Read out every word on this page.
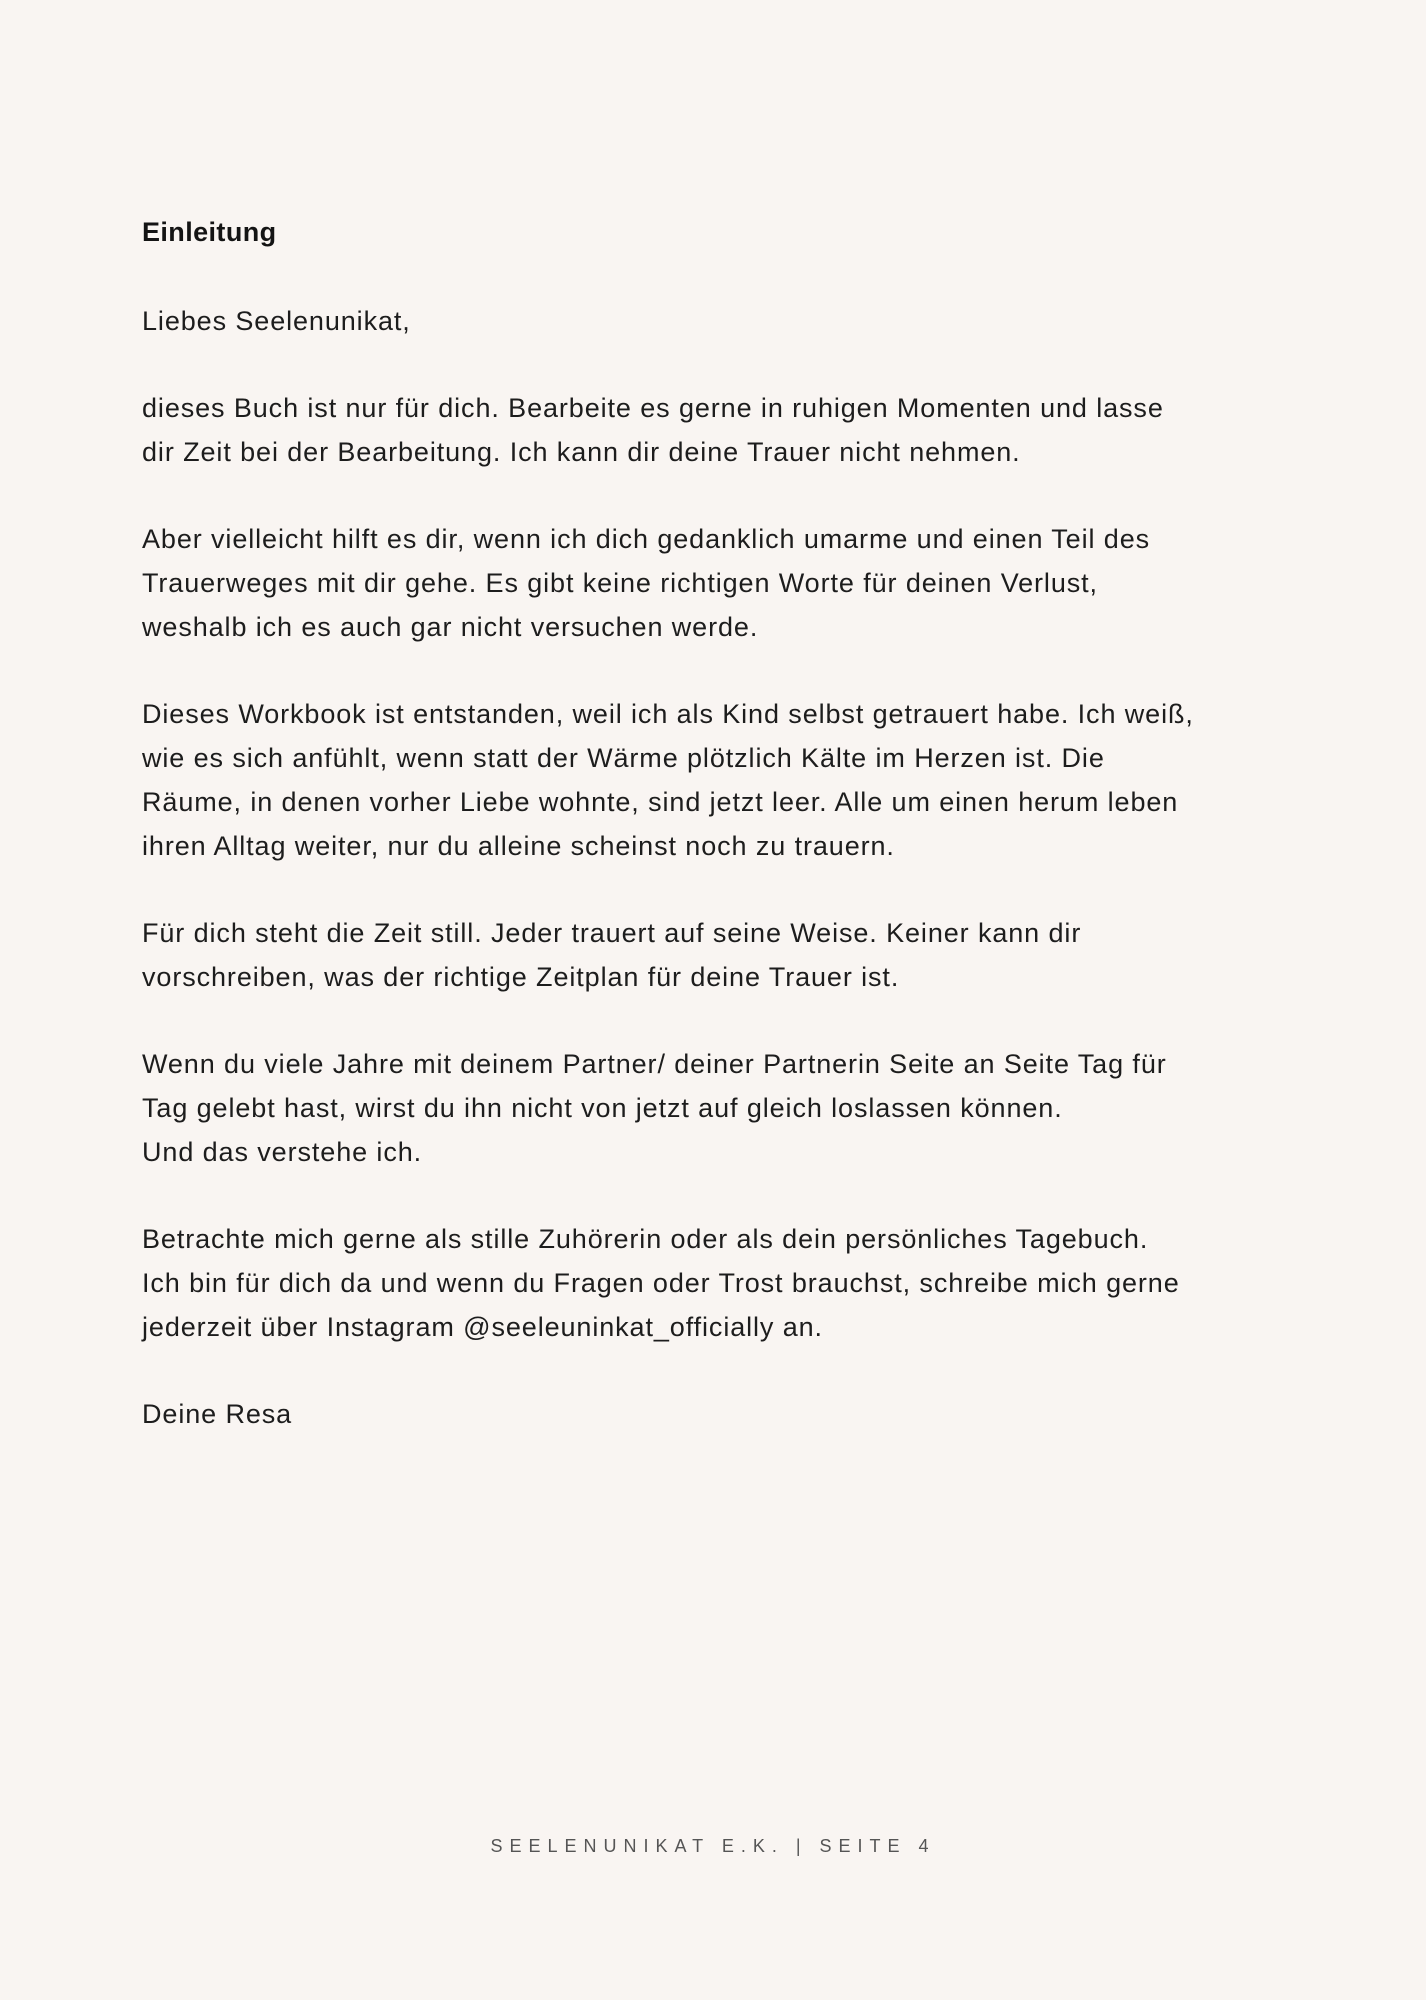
Einleitung

Liebes Seelenunikat,

dieses Buch ist nur für dich. Bearbeite es gerne in ruhigen Momenten und lasse
dir Zeit bei der Bearbeitung. Ich kann dir deine Trauer nicht nehmen.

Aber vielleicht hilft es dir, wenn ich dich gedanklich umarme und einen Teil des
Trauerweges mit dir gehe. Es gibt keine richtigen Worte für deinen Verlust,
weshalb ich es auch gar nicht versuchen werde.

Dieses Workbook ist entstanden, weil ich als Kind selbst getrauert habe. Ich weiß,
wie es sich anfühlt, wenn statt der Wärme plötzlich Kälte im Herzen ist. Die
Räume, in denen vorher Liebe wohnte, sind jetzt leer. Alle um einen herum leben
ihren Alltag weiter, nur du alleine scheinst noch zu trauern.

Für dich steht die Zeit still. Jeder trauert auf seine Weise. Keiner kann dir
vorschreiben, was der richtige Zeitplan für deine Trauer ist.

Wenn du viele Jahre mit deinem Partner/ deiner Partnerin Seite an Seite Tag für
Tag gelebt hast, wirst du ihn nicht von jetzt auf gleich loslassen können.
Und das verstehe ich.

Betrachte mich gerne als stille Zuhörerin oder als dein persönliches Tagebuch.
Ich bin für dich da und wenn du Fragen oder Trost brauchst, schreibe mich gerne
jederzeit über Instagram @seeleuninkat_officially an.

Deine Resa

SEELENUNIKAT E.K. | SEITE 4
